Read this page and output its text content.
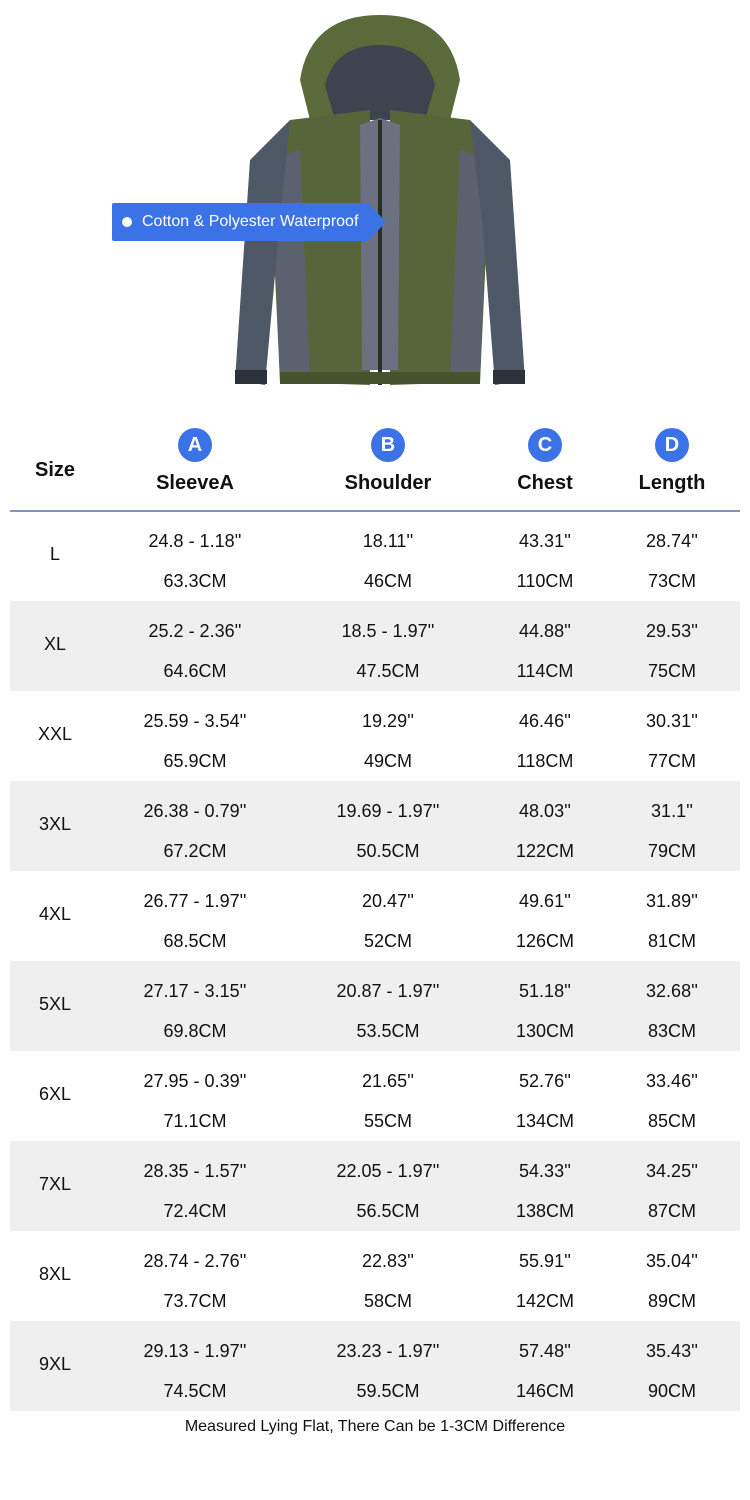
Cotton & Polyester Waterproof
Size
A
SleeveA
B
Shoulder
C
Chest
D
Length
L
24.8 - 1.18''
63.3CM
18.11''
46CM
43.31''
110CM
28.74''
73CM
XL
25.2 - 2.36''
64.6CM
18.5 - 1.97''
47.5CM
44.88''
114CM
29.53''
75CM
XXL
25.59 - 3.54''
65.9CM
19.29''
49CM
46.46''
118CM
30.31''
77CM
3XL
26.38 - 0.79''
67.2CM
19.69 - 1.97''
50.5CM
48.03''
122CM
31.1''
79CM
4XL
26.77 - 1.97''
68.5CM
20.47''
52CM
49.61''
126CM
31.89''
81CM
5XL
27.17 - 3.15''
69.8CM
20.87 - 1.97''
53.5CM
51.18''
130CM
32.68''
83CM
6XL
27.95 - 0.39''
71.1CM
21.65''
55CM
52.76''
134CM
33.46''
85CM
7XL
28.35 - 1.57''
72.4CM
22.05 - 1.97''
56.5CM
54.33''
138CM
34.25''
87CM
8XL
28.74 - 2.76''
73.7CM
22.83''
58CM
55.91''
142CM
35.04''
89CM
9XL
29.13 - 1.97''
74.5CM
23.23 - 1.97''
59.5CM
57.48''
146CM
35.43''
90CM
Measured Lying Flat, There Can be 1-3CM Difference
